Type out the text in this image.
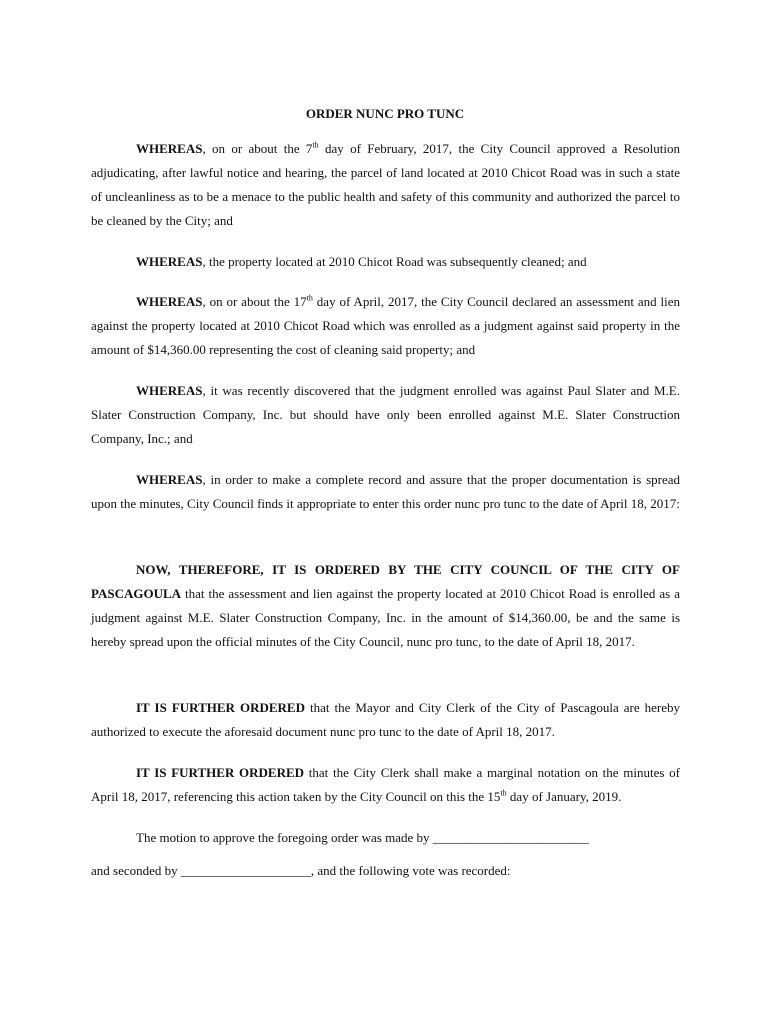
ORDER NUNC PRO TUNC

WHEREAS, on or about the 7th day of February, 2017, the City Council approved a Resolution adjudicating, after lawful notice and hearing, the parcel of land located at 2010 Chicot Road was in such a state of uncleanliness as to be a menace to the public health and safety of this community and authorized the parcel to be cleaned by the City; and

WHEREAS, the property located at 2010 Chicot Road was subsequently cleaned; and

WHEREAS, on or about the 17th day of April, 2017, the City Council declared an assessment and lien against the property located at 2010 Chicot Road which was enrolled as a judgment against said property in the amount of $14,360.00 representing the cost of cleaning said property; and

WHEREAS, it was recently discovered that the judgment enrolled was against Paul Slater and M.E. Slater Construction Company, Inc. but should have only been enrolled against M.E. Slater Construction Company, Inc.; and

WHEREAS, in order to make a complete record and assure that the proper documentation is spread upon the minutes, City Council finds it appropriate to enter this order nunc pro tunc to the date of April 18, 2017:

NOW, THEREFORE, IT IS ORDERED BY THE CITY COUNCIL OF THE CITY OF PASCAGOULA that the assessment and lien against the property located at 2010 Chicot Road is enrolled as a judgment against M.E. Slater Construction Company, Inc. in the amount of $14,360.00, be and the same is hereby spread upon the official minutes of the City Council, nunc pro tunc, to the date of April 18, 2017.

IT IS FURTHER ORDERED that the Mayor and City Clerk of the City of Pascagoula are hereby authorized to execute the aforesaid document nunc pro tunc to the date of April 18, 2017.

IT IS FURTHER ORDERED that the City Clerk shall make a marginal notation on the minutes of April 18, 2017, referencing this action taken by the City Council on this the 15th day of January, 2019.

The motion to approve the foregoing order was made by ________________________

and seconded by ____________________, and the following vote was recorded:
